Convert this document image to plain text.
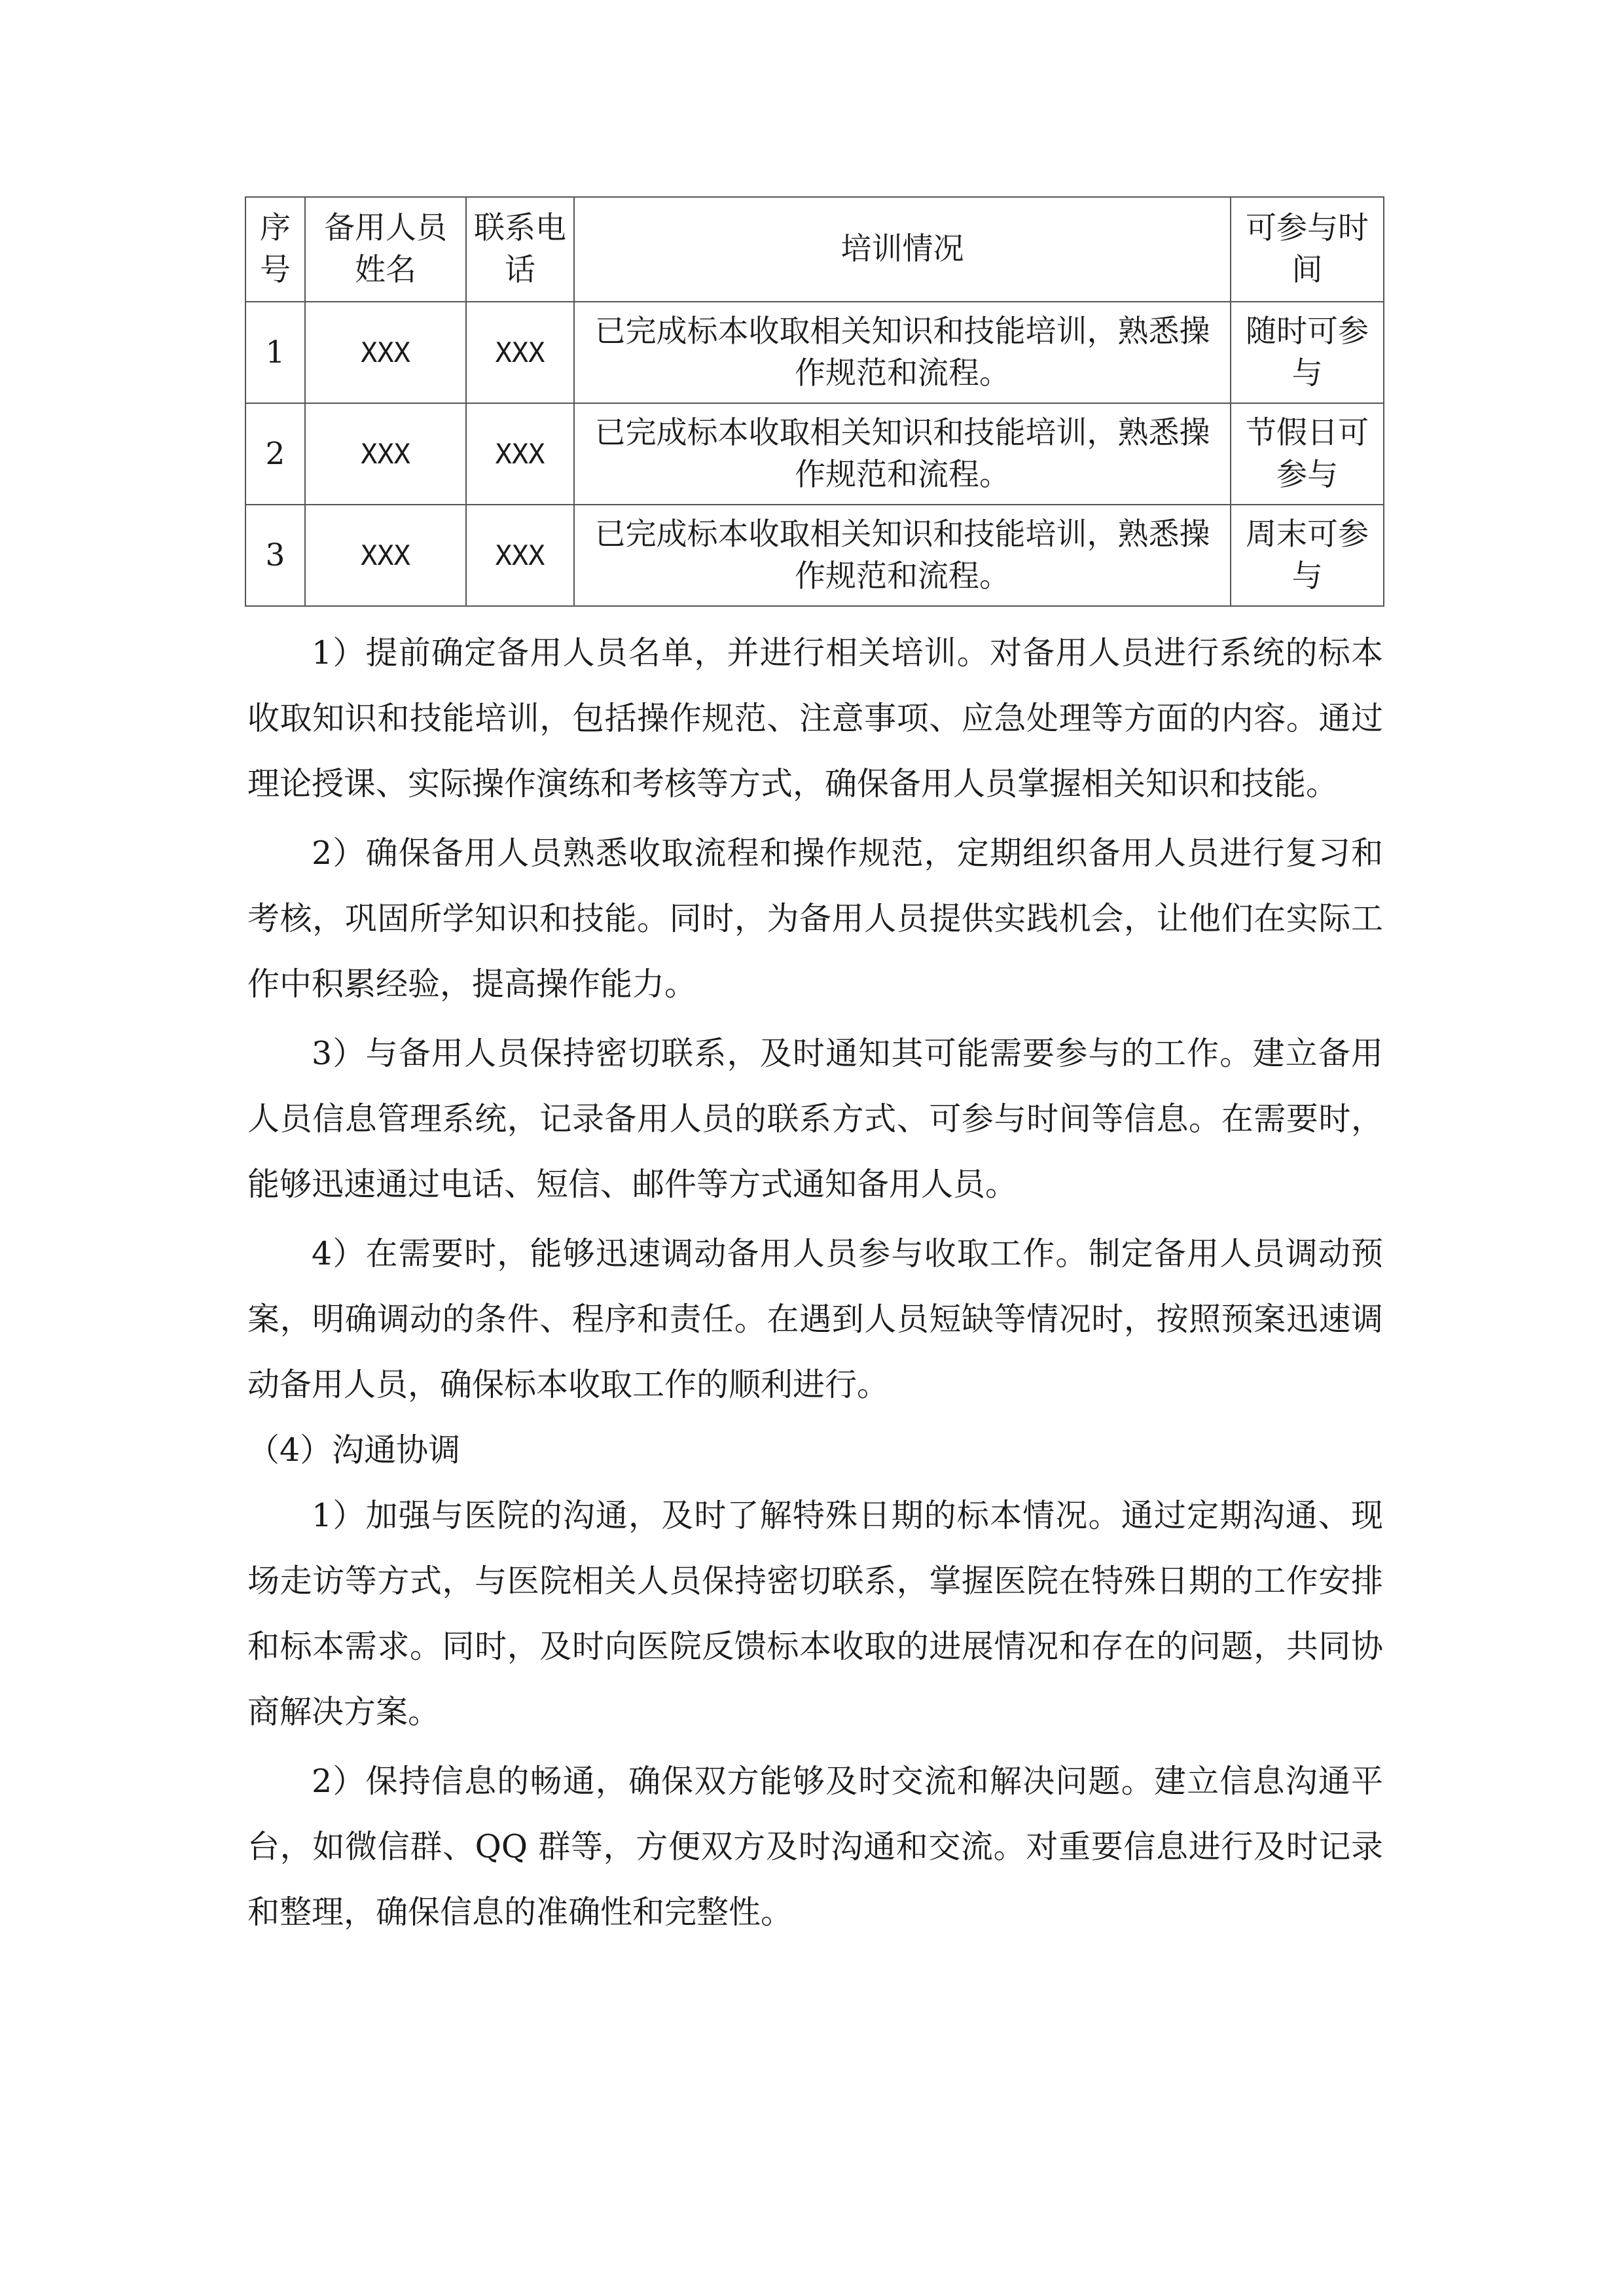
序号	备用人员姓名	联系电话	培训情况	可参与时间
1	XXX	XXX	已完成标本收取相关知识和技能培训，熟悉操作规范和流程。	随时可参与
2	XXX	XXX	已完成标本收取相关知识和技能培训，熟悉操作规范和流程。	节假日可参与
3	XXX	XXX	已完成标本收取相关知识和技能培训，熟悉操作规范和流程。	周末可参与

1）提前确定备用人员名单，并进行相关培训。对备用人员进行系统的标本收取知识和技能培训，包括操作规范、注意事项、应急处理等方面的内容。通过理论授课、实际操作演练和考核等方式，确保备用人员掌握相关知识和技能。

2）确保备用人员熟悉收取流程和操作规范，定期组织备用人员进行复习和考核，巩固所学知识和技能。同时，为备用人员提供实践机会，让他们在实际工作中积累经验，提高操作能力。

3）与备用人员保持密切联系，及时通知其可能需要参与的工作。建立备用人员信息管理系统，记录备用人员的联系方式、可参与时间等信息。在需要时，能够迅速通过电话、短信、邮件等方式通知备用人员。

4）在需要时，能够迅速调动备用人员参与收取工作。制定备用人员调动预案，明确调动的条件、程序和责任。在遇到人员短缺等情况时，按照预案迅速调动备用人员，确保标本收取工作的顺利进行。

（4）沟通协调

1）加强与医院的沟通，及时了解特殊日期的标本情况。通过定期沟通、现场走访等方式，与医院相关人员保持密切联系，掌握医院在特殊日期的工作安排和标本需求。同时，及时向医院反馈标本收取的进展情况和存在的问题，共同协商解决方案。

2）保持信息的畅通，确保双方能够及时交流和解决问题。建立信息沟通平台，如微信群、QQ 群等，方便双方及时沟通和交流。对重要信息进行及时记录和整理，确保信息的准确性和完整性。
